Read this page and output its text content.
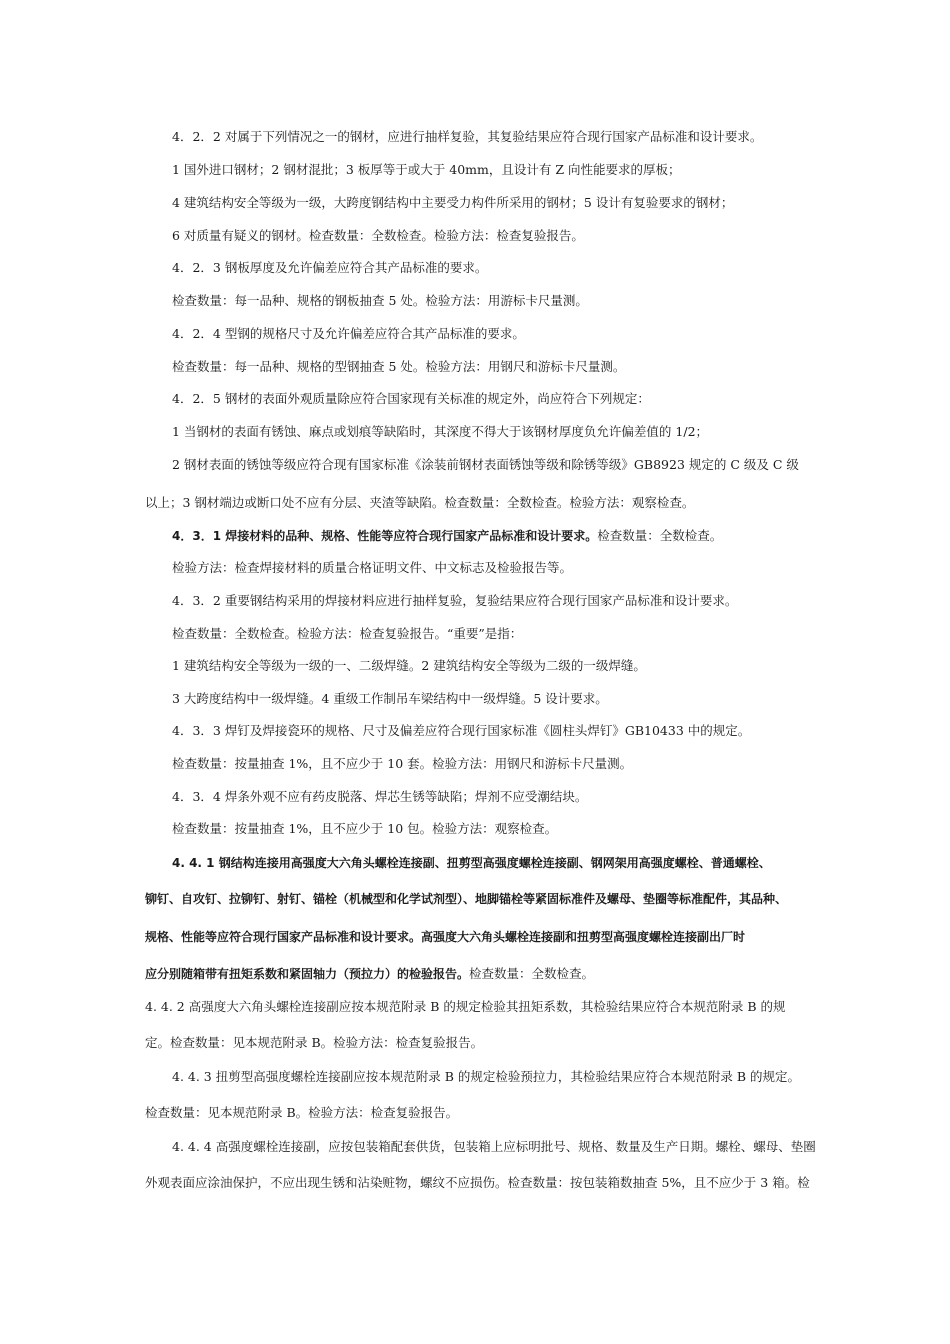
4．2．2 对属于下列情况之一的钢材，应进行抽样复验，其复验结果应符合现行国家产品标准和设计要求。

1 国外进口钢材；2 钢材混批；3 板厚等于或大于 40mm，且设计有 Z 向性能要求的厚板；

4 建筑结构安全等级为一级，大跨度钢结构中主要受力构件所采用的钢材；5 设计有复验要求的钢材；

6 对质量有疑义的钢材。检查数量：全数检查。检验方法：检查复验报告。

4．2．3 钢板厚度及允许偏差应符合其产品标准的要求。

检查数量：每一品种、规格的钢板抽查 5 处。检验方法：用游标卡尺量测。

4．2．4 型钢的规格尺寸及允许偏差应符合其产品标准的要求。

检查数量：每一品种、规格的型钢抽查 5 处。检验方法：用钢尺和游标卡尺量测。

4．2．5 钢材的表面外观质量除应符合国家现有关标准的规定外，尚应符合下列规定：

1 当钢材的表面有锈蚀、麻点或划痕等缺陷时，其深度不得大于该钢材厚度负允许偏差值的 1/2；

2 钢材表面的锈蚀等级应符合现有国家标准《涂装前钢材表面锈蚀等级和除锈等级》GB8923 规定的 C 级及 C 级

以上；3 钢材端边或断口处不应有分层、夹渣等缺陷。检查数量：全数检查。检验方法：观察检查。

4．3．1 焊接材料的品种、规格、性能等应符合现行国家产品标准和设计要求。检查数量：全数检查。

检验方法：检查焊接材料的质量合格证明文件、中文标志及检验报告等。

4．3．2 重要钢结构采用的焊接材料应进行抽样复验，复验结果应符合现行国家产品标准和设计要求。

检查数量：全数检查。检验方法：检查复验报告。“重要”是指：

1 建筑结构安全等级为一级的一、二级焊缝。2 建筑结构安全等级为二级的一级焊缝。

3 大跨度结构中一级焊缝。4 重级工作制吊车梁结构中一级焊缝。5 设计要求。

4．3．3 焊钉及焊接瓷环的规格、尺寸及偏差应符合现行国家标准《圆柱头焊钉》GB10433 中的规定。

检查数量：按量抽查 1%，且不应少于 10 套。检验方法：用钢尺和游标卡尺量测。

4．3．4 焊条外观不应有药皮脱落、焊芯生锈等缺陷；焊剂不应受潮结块。

检查数量：按量抽查 1%，且不应少于 10 包。检验方法：观察检查。

4. 4. 1 钢结构连接用高强度大六角头螺栓连接副、扭剪型高强度螺栓连接副、钢网架用高强度螺栓、普通螺栓、

铆钉、自攻钉、拉铆钉、射钉、锚栓（机械型和化学试剂型）、地脚锚栓等紧固标准件及螺母、垫圈等标准配件，其品种、

规格、性能等应符合现行国家产品标准和设计要求。高强度大六角头螺栓连接副和扭剪型高强度螺栓连接副出厂时

应分别随箱带有扭矩系数和紧固轴力（预拉力）的检验报告。检查数量：全数检查。

4. 4. 2 高强度大六角头螺栓连接副应按本规范附录 B 的规定检验其扭矩系数，其检验结果应符合本规范附录 B 的规

定。检查数量：见本规范附录 B。检验方法：检查复验报告。

4. 4. 3 扭剪型高强度螺栓连接副应按本规范附录 B 的规定检验预拉力，其检验结果应符合本规范附录 B 的规定。

检查数量：见本规范附录 B。检验方法：检查复验报告。

4. 4. 4 高强度螺栓连接副，应按包装箱配套供货，包装箱上应标明批号、规格、数量及生产日期。螺栓、螺母、垫圈

外观表面应涂油保护，不应出现生锈和沾染赃物，螺纹不应损伤。检查数量：按包装箱数抽查 5%，且不应少于 3 箱。检
